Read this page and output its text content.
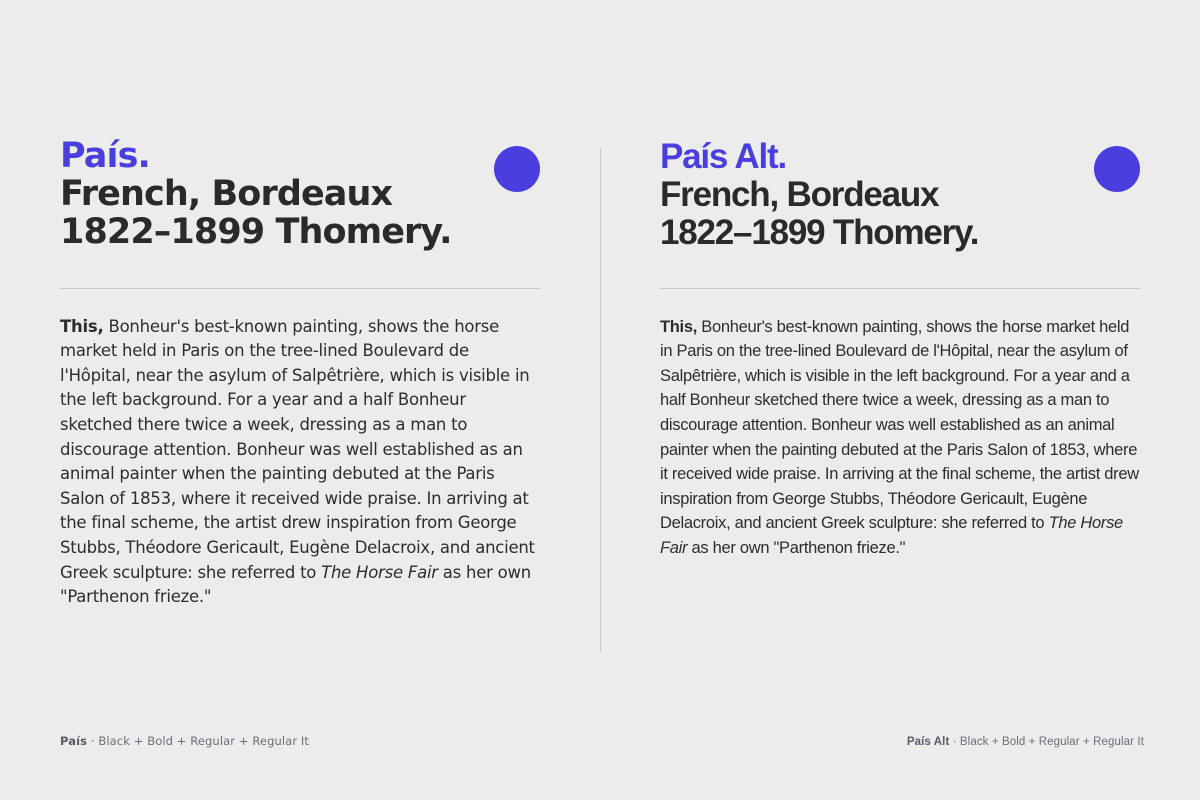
País.
French, Bordeaux
1822–1899 Thomery.

This, Bonheur's best-known painting, shows the horse market held in Paris on the tree-lined Boulevard de l'Hôpital, near the asylum of Salpêtrière, which is visible in the left background. For a year and a half Bonheur sketched there twice a week, dressing as a man to discourage attention. Bonheur was well established as an animal painter when the painting debuted at the Paris Salon of 1853, where it received wide praise. In arriving at the final scheme, the artist drew inspiration from George Stubbs, Théodore Gericault, Eugène Delacroix, and ancient Greek sculpture: she referred to The Horse Fair as her own "Parthenon frieze."

País · Black + Bold + Regular + Regular It
País Alt.
French, Bordeaux
1822–1899 Thomery.

This, Bonheur's best-known painting, shows the horse market held in Paris on the tree-lined Boulevard de l'Hôpital, near the asylum of Salpêtrière, which is visible in the left background. For a year and a half Bonheur sketched there twice a week, dressing as a man to discourage attention. Bonheur was well established as an animal painter when the painting debuted at the Paris Salon of 1853, where it received wide praise. In arriving at the final scheme, the artist drew inspiration from George Stubbs, Théodore Gericault, Eugène Delacroix, and ancient Greek sculpture: she referred to The Horse Fair as her own "Parthenon frieze."

País Alt · Black + Bold + Regular + Regular It
